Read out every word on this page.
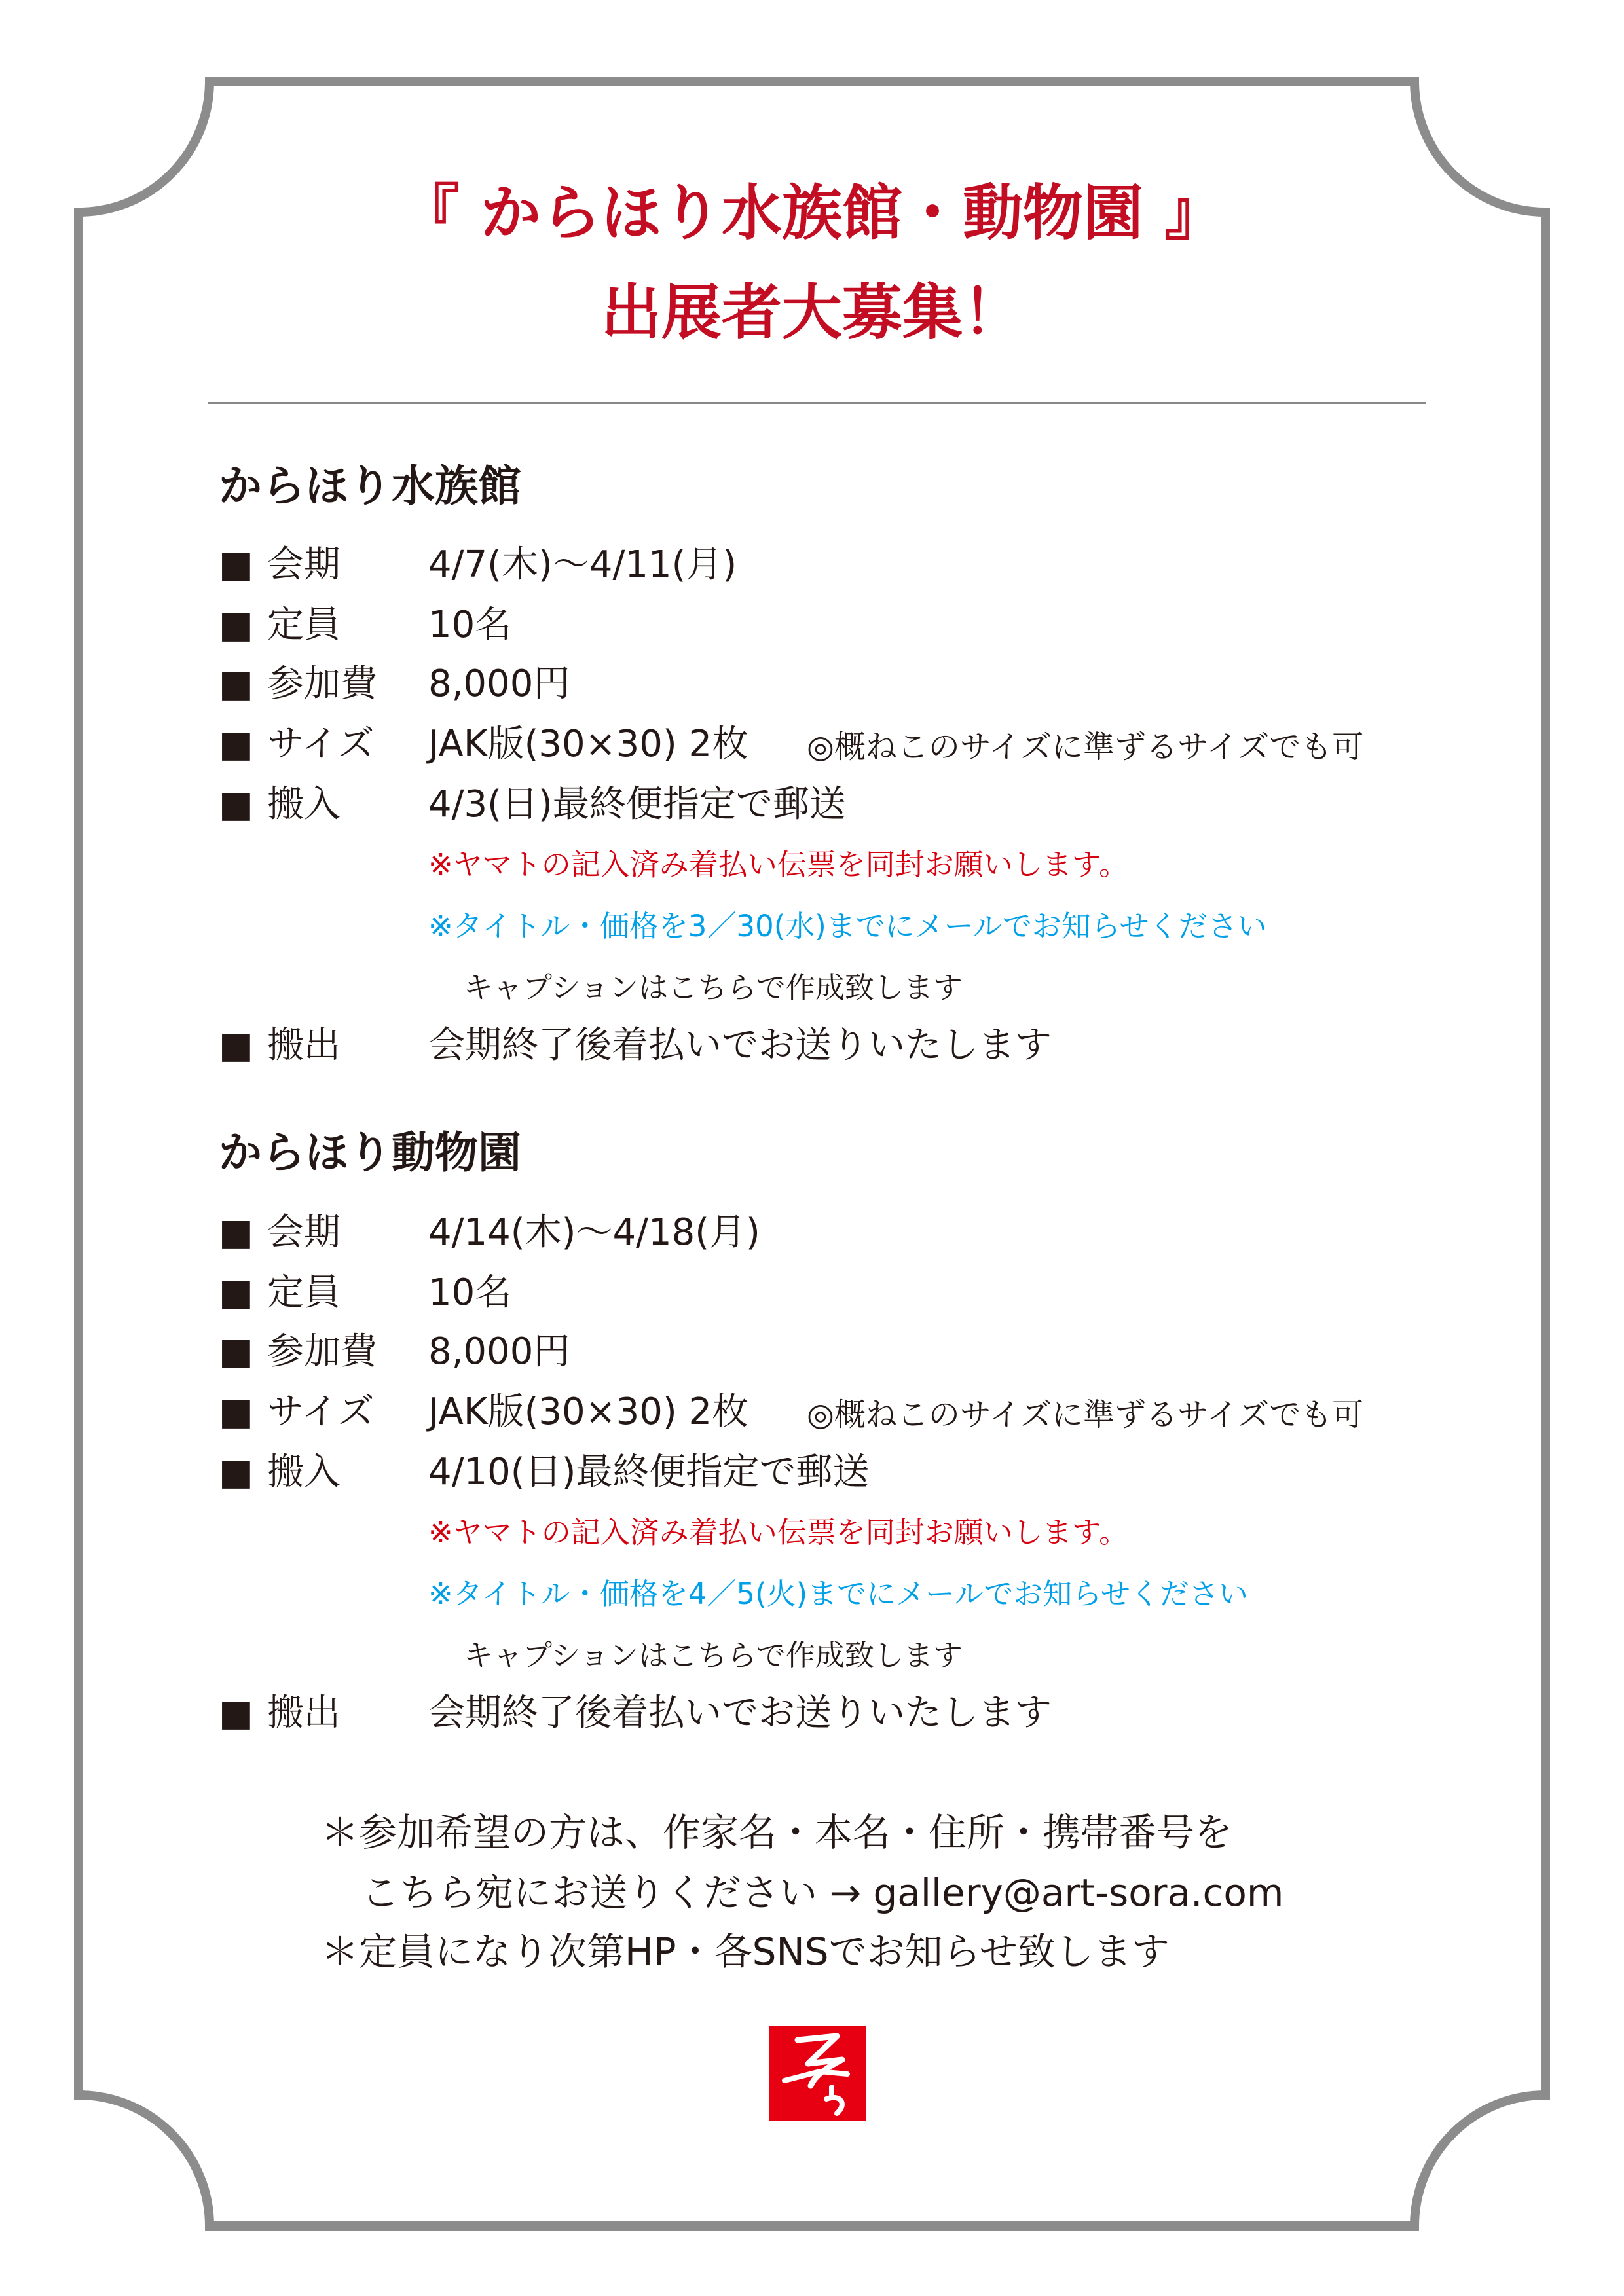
『 からほり水族館・動物園 』
出展者大募集！
からほり水族館
■ 会期 4/7(木)〜4/11(月)
■ 定員 10名
■ 参加費 8,000円
■ サイズ JAK版(30×30) 2枚 ◎概ねこのサイズに準ずるサイズでも可
■ 搬入 4/3(日)最終便指定で郵送
※ヤマトの記入済み着払い伝票を同封お願いします。
※タイトル・価格を3／30(水)までにメールでお知らせください
キャプションはこちらで作成致します
■ 搬出 会期終了後着払いでお送りいたします
からほり動物園
■ 会期 4/14(木)〜4/18(月)
■ 定員 10名
■ 参加費 8,000円
■ サイズ JAK版(30×30) 2枚 ◎概ねこのサイズに準ずるサイズでも可
■ 搬入 4/10(日)最終便指定で郵送
※ヤマトの記入済み着払い伝票を同封お願いします。
※タイトル・価格を4／5(火)までにメールでお知らせください
キャプションはこちらで作成致します
■ 搬出 会期終了後着払いでお送りいたします
＊参加希望の方は、作家名・本名・住所・携帯番号を
こちら宛にお送りください → gallery@art-sora.com
＊定員になり次第HP・各SNSでお知らせ致します
